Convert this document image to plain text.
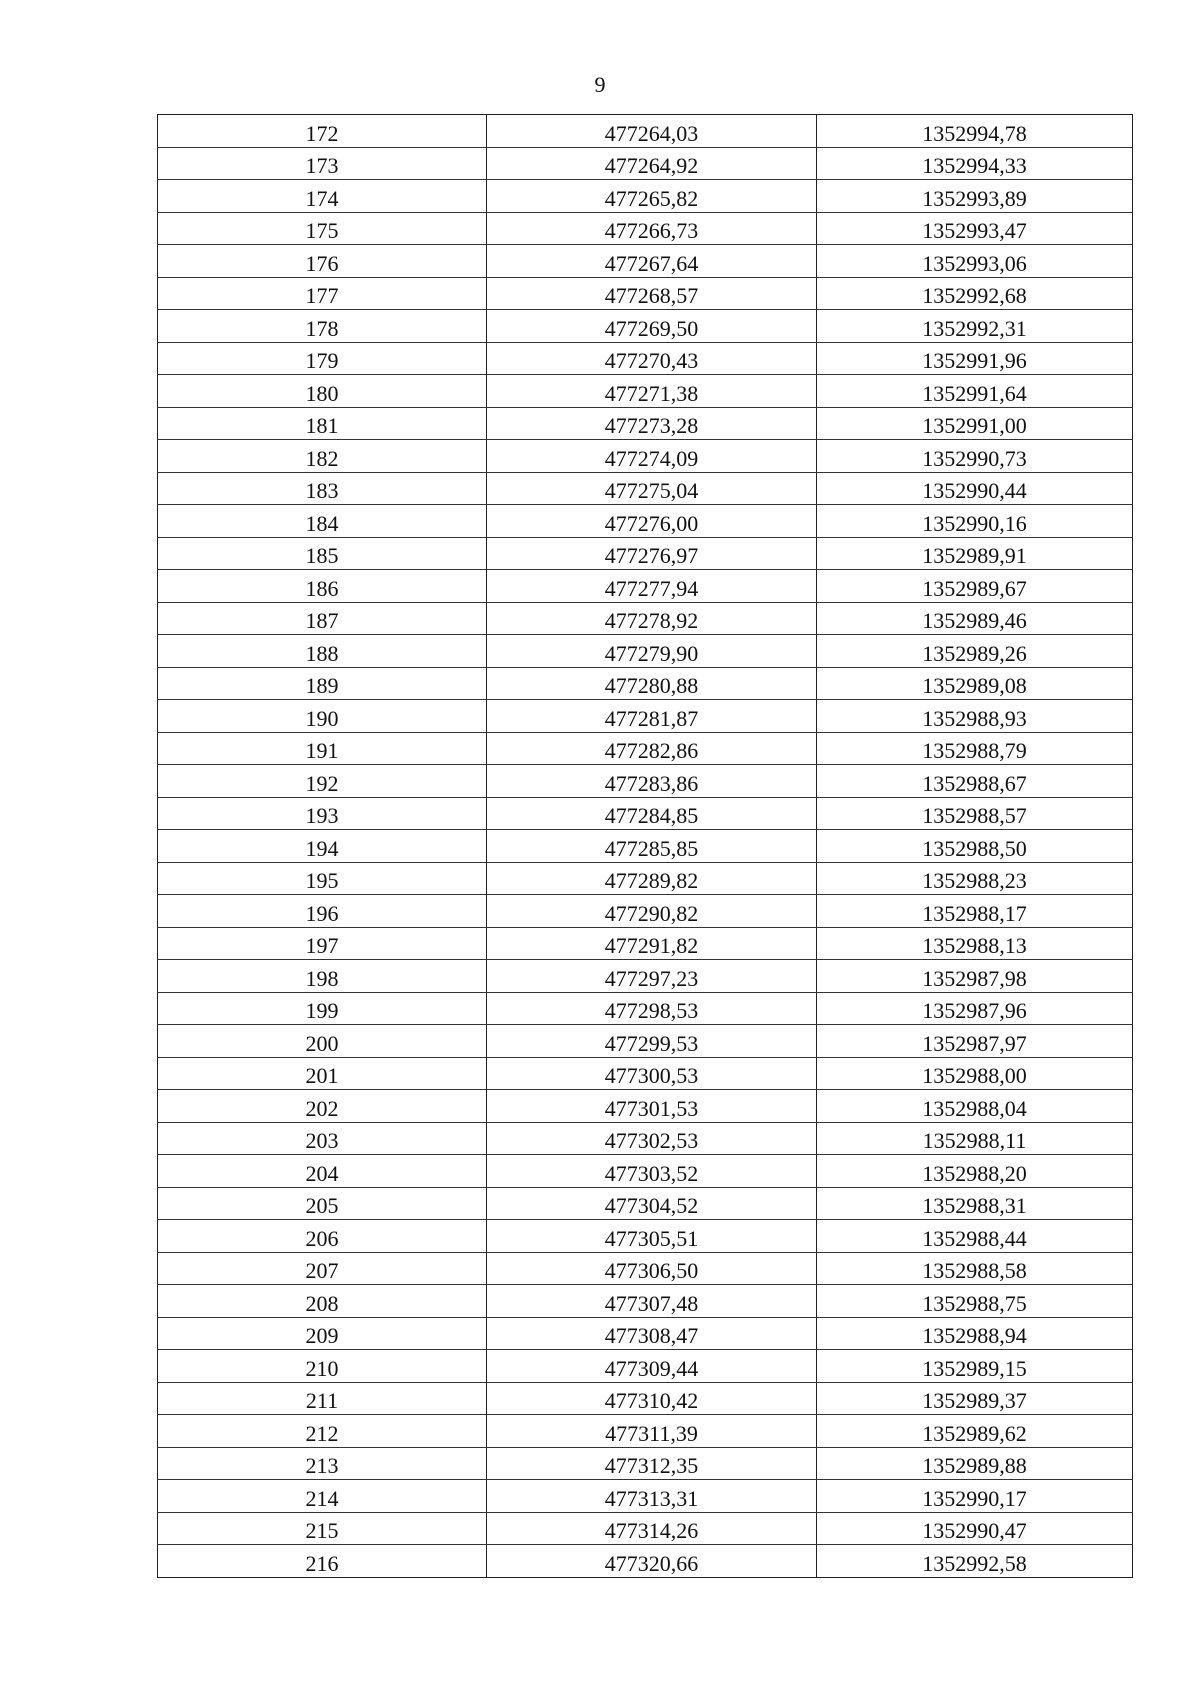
9
172	477264,03	1352994,78
173	477264,92	1352994,33
174	477265,82	1352993,89
175	477266,73	1352993,47
176	477267,64	1352993,06
177	477268,57	1352992,68
178	477269,50	1352992,31
179	477270,43	1352991,96
180	477271,38	1352991,64
181	477273,28	1352991,00
182	477274,09	1352990,73
183	477275,04	1352990,44
184	477276,00	1352990,16
185	477276,97	1352989,91
186	477277,94	1352989,67
187	477278,92	1352989,46
188	477279,90	1352989,26
189	477280,88	1352989,08
190	477281,87	1352988,93
191	477282,86	1352988,79
192	477283,86	1352988,67
193	477284,85	1352988,57
194	477285,85	1352988,50
195	477289,82	1352988,23
196	477290,82	1352988,17
197	477291,82	1352988,13
198	477297,23	1352987,98
199	477298,53	1352987,96
200	477299,53	1352987,97
201	477300,53	1352988,00
202	477301,53	1352988,04
203	477302,53	1352988,11
204	477303,52	1352988,20
205	477304,52	1352988,31
206	477305,51	1352988,44
207	477306,50	1352988,58
208	477307,48	1352988,75
209	477308,47	1352988,94
210	477309,44	1352989,15
211	477310,42	1352989,37
212	477311,39	1352989,62
213	477312,35	1352989,88
214	477313,31	1352990,17
215	477314,26	1352990,47
216	477320,66	1352992,58
